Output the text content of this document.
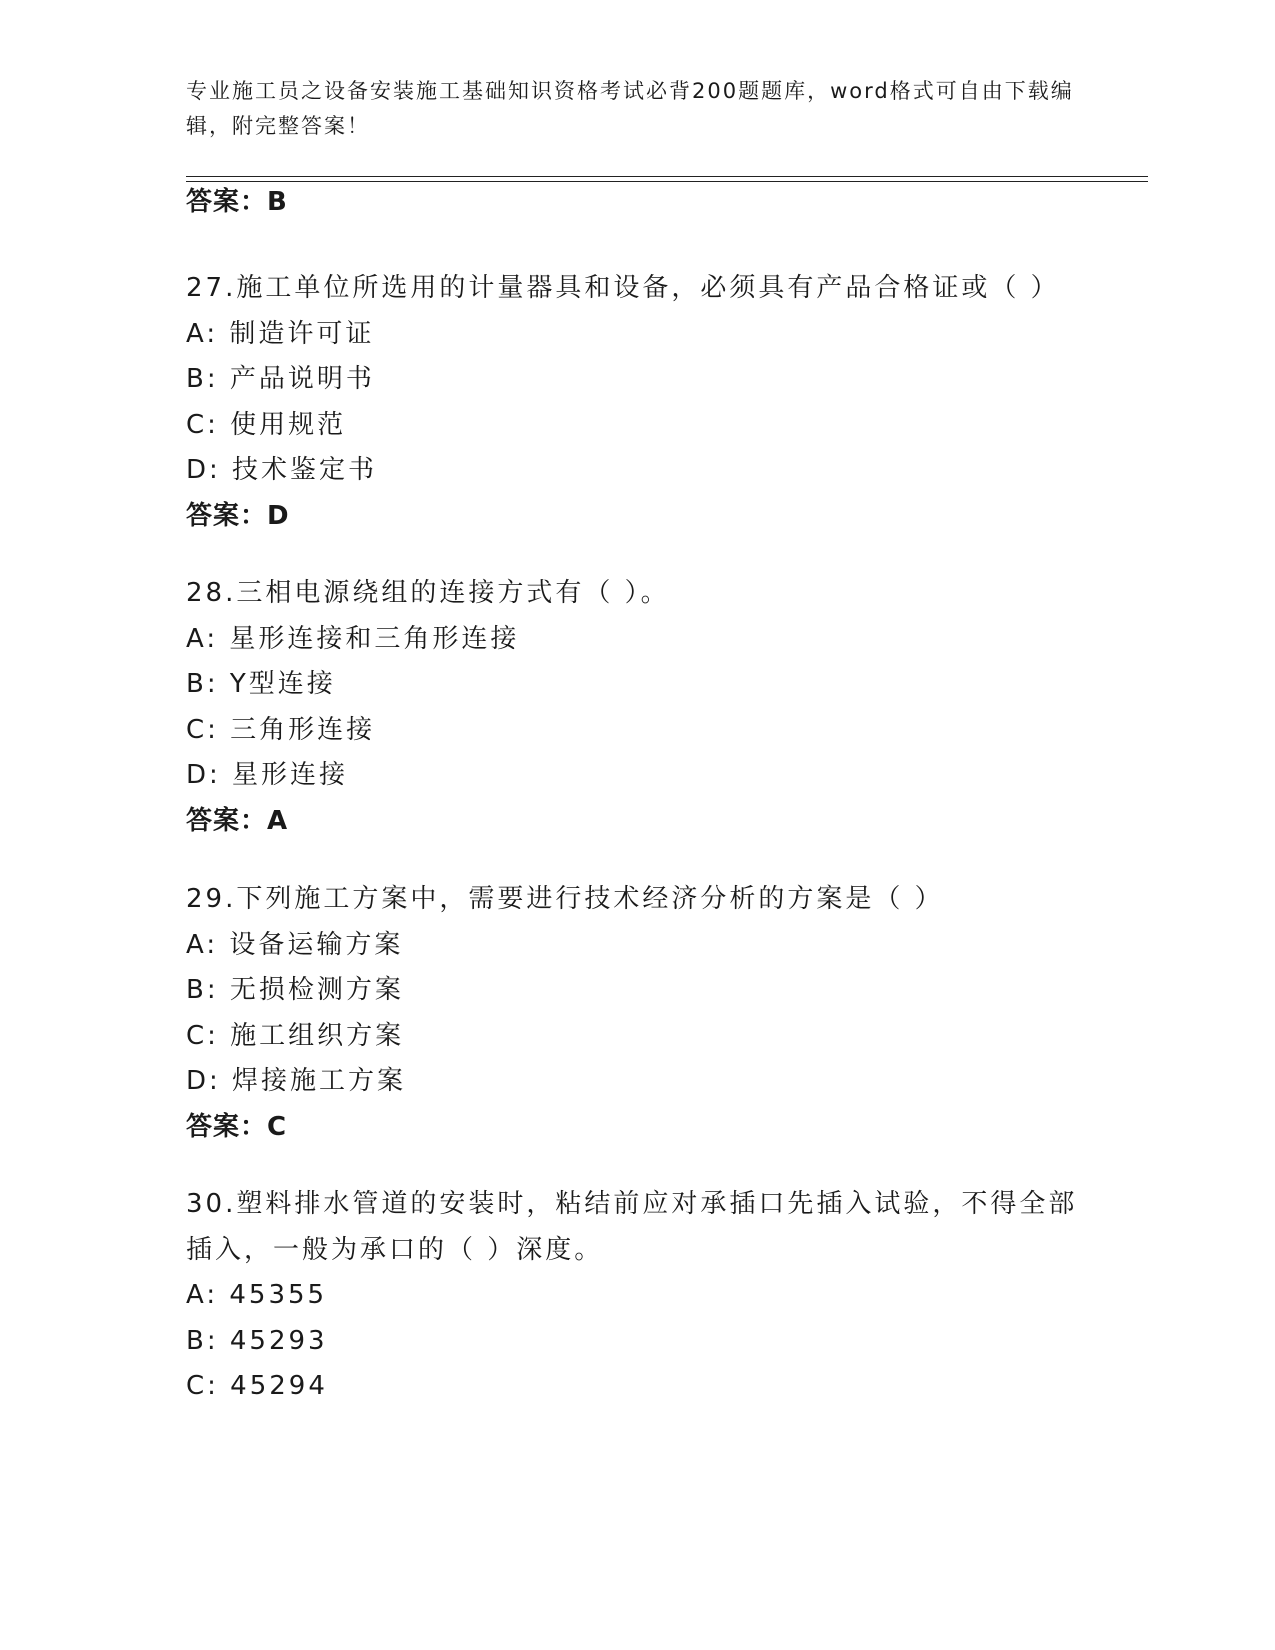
专业施工员之设备安装施工基础知识资格考试必背200题题库，word格式可自由下载编辑，附完整答案！

答案：B

27.施工单位所选用的计量器具和设备，必须具有产品合格证或（ ）

A: 制造许可证

B: 产品说明书

C: 使用规范

D: 技术鉴定书

答案：D

28.三相电源绕组的连接方式有（ ）。

A: 星形连接和三角形连接

B: Y型连接

C: 三角形连接

D: 星形连接

答案：A

29.下列施工方案中，需要进行技术经济分析的方案是（ ）

A: 设备运输方案

B: 无损检测方案

C: 施工组织方案

D: 焊接施工方案

答案：C

30.塑料排水管道的安装时，粘结前应对承插口先插入试验，不得全部插入，一般为承口的（ ）深度。

A: 45355

B: 45293

C: 45294
